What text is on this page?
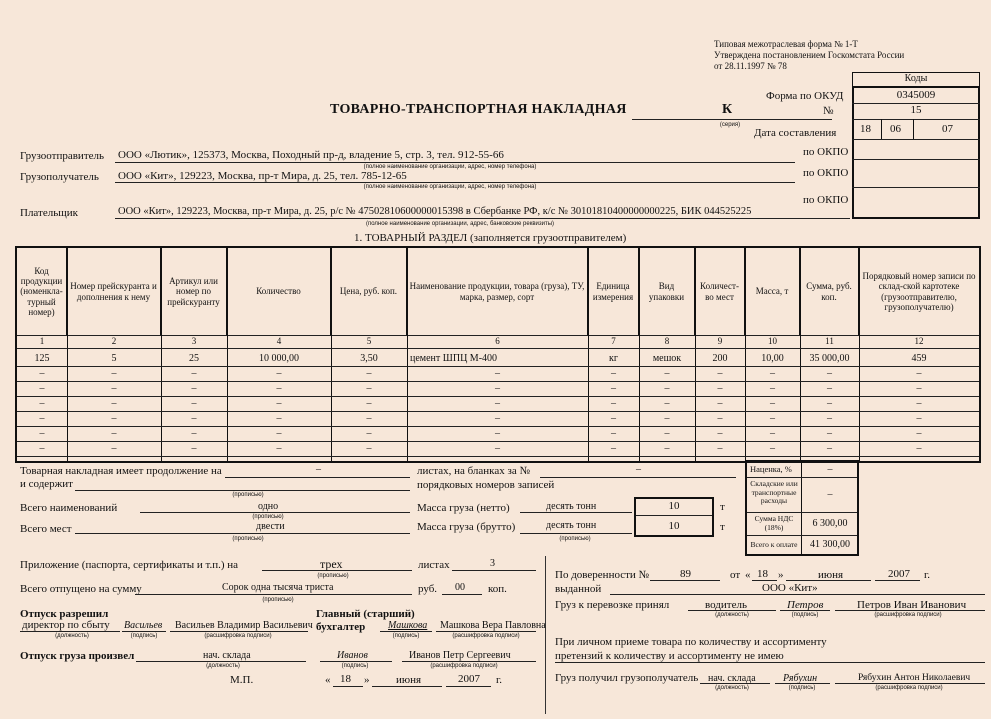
Типовая межотраслевая форма № 1-Т
Утверждена постановлением Госкомстата России
от 28.11.1997 № 78
ТОВАРНО-ТРАНСПОРТНАЯ НАКЛАДНАЯ	К
(серия)
Коды
Форма по ОКУД	0345009
№	15
Дата составления 18 06	07
по ОКПО
по ОКПО
по ОКПО
Грузоотправитель ООО «Лютик», 125373, Москва, Походный пр-д, владение 5, стр. 3, тел. 912-55-66
(полное наименование организации, адрес, номер телефона)
Грузополучатель ООО «Кит», 129223, Москва, пр-т Мира, д. 25, тел. 785-12-65
(полное наименование организации, адрес, номер телефона)
Плательщик	ООО «Кит», 129223, Москва, пр-т Мира, д. 25, р/с № 47502810600000015398 в Сбербанке РФ, к/с № 30101810400000000225, БИК 044525225
(полное наименование организации, адрес, банковские реквизиты)
1. ТОВАРНЫЙ РАЗДЕЛ (заполняется грузоотправителем)
Код продукции (номенкла-турный номер)
Номер прейскуранта и дополнения к нему
Артикул или номер по прейскуранту
Количество	Цена, руб. коп.
Наименование продукции, товара (груза), ТУ, марка, размер, сорт
Единица измерения
Вид упаковки
Количест-во мест
Масса, т
Сумма, руб. коп.
Порядковый номер записи по склад-ской картотеке (грузоотправителю, грузополучателю)
1	2	3	4	5	6	7	8	9	10	11	12
125	5	25	10 000,00	3,50	цемент ШПЦ М-400	кг	мешок	200	10,00	35 000,00	459
–	–	–	–	–	–	–	–	–	–	–	–
–	–	–	–	–	–	–	–	–	–	–	–
–	–	–	–	–	–	–	–	–	–	–	–
–	–	–	–	–	–	–	–	–	–	–	–
–	–	–	–	–	–	–	–	–	–	–	–
–	–	–	–	–	–	–	–	–	–	–	–
Наценка, %	–
Складские или транспортные расходы
–
Сумма НДС (18%)	6 300,00
Всего к оплате	41 300,00
Товарная накладная имеет продолжение на
и содержит
–
(прописью)
листах, на бланках за №	–
порядковых номеров записей
Всего наименований	одно
(прописью)
Всего мест	двести
(прописью)
Масса груза (нетто)	десять тонн	10	т
Масса груза (брутто)	десять тонн	10	т
(прописью)
Приложение (паспорта, сертификаты и т.п.) на	трех
(прописью)
листах	3
Всего отпущено на сумму	Сорок одна тысяча триста
(прописью)
руб. 00 коп.
Отпуск разрешил
директор по сбыту
(должность)
Васильев
(подпись)
Васильев Владимир Васильевич
(расшифровка подписи)
Главный (старший)
бухгалтер Машкова
(подпись)
Машкова Вера Павловна
(расшифровка подписи)
Отпуск груза произвел	нач. склада
(должность)
Иванов
(подпись)
Иванов Петр Сергеевич
(расшифровка подписи)
М.П.	« 18 » июня	2007 г.
По доверенности №	89	от « 18 »	июня	2007 г.
выданной	ООО «Кит»
Груз к перевозке принял	водитель
(должность)
Петров
(подпись)
Петров Иван Иванович
(расшифровка подписи)
При личном приеме товара по количеству и ассортименту
претензий к количеству и ассортименту не имею
Груз получил грузополучатель нач. склада
(должность)
Рябухин
(подпись)
Рябухин Антон Николаевич
(расшифровка подписи)
